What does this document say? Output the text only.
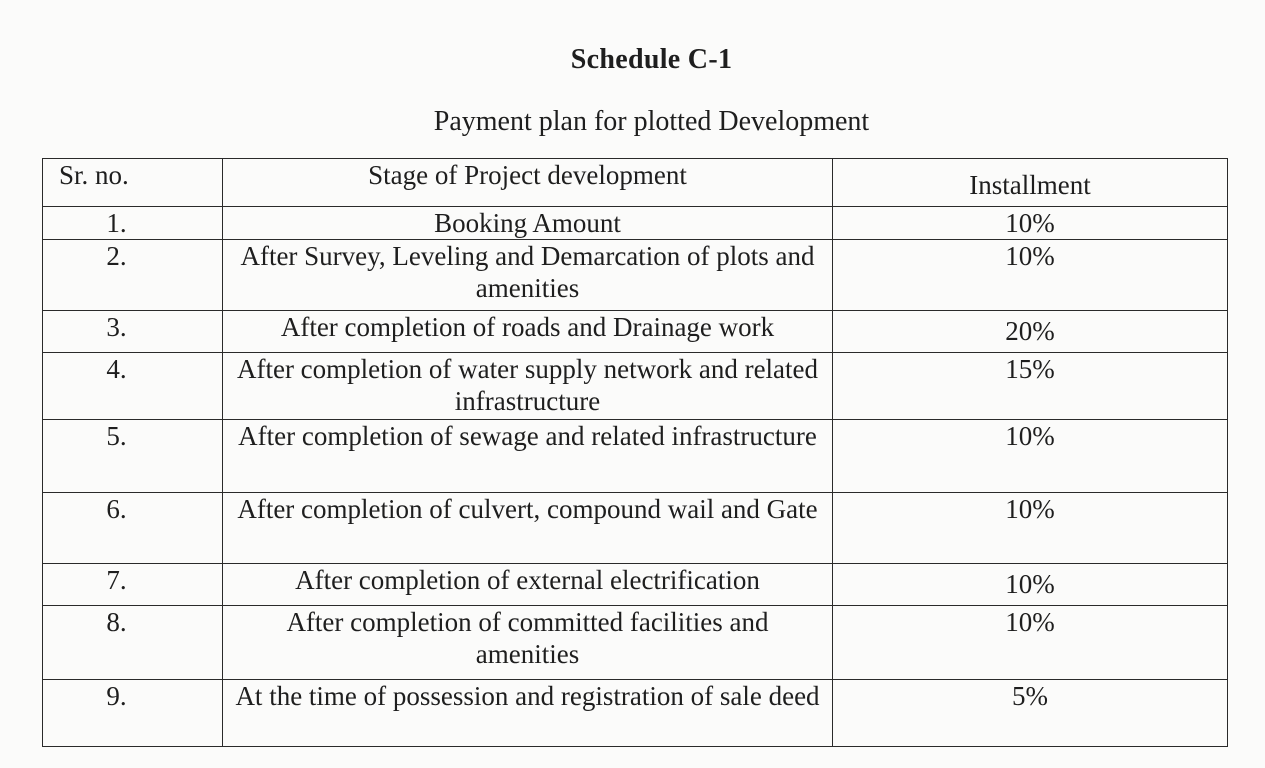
Schedule C-1
Payment plan for plotted Development
Sr. no.	Stage of Project development	Installment
1.	Booking Amount	10%
2.	After Survey, Leveling and Demarcation of plots and amenities	10%
3.	After completion of roads and Drainage work	20%
4.	After completion of water supply network and related infrastructure	15%
5.	After completion of sewage and related infrastructure	10%
6.	After completion of culvert, compound wail and Gate	10%
7.	After completion of external electrification	10%
8.	After completion of committed facilities and amenities	10%
9.	At the time of possession and registration of sale deed	5%
